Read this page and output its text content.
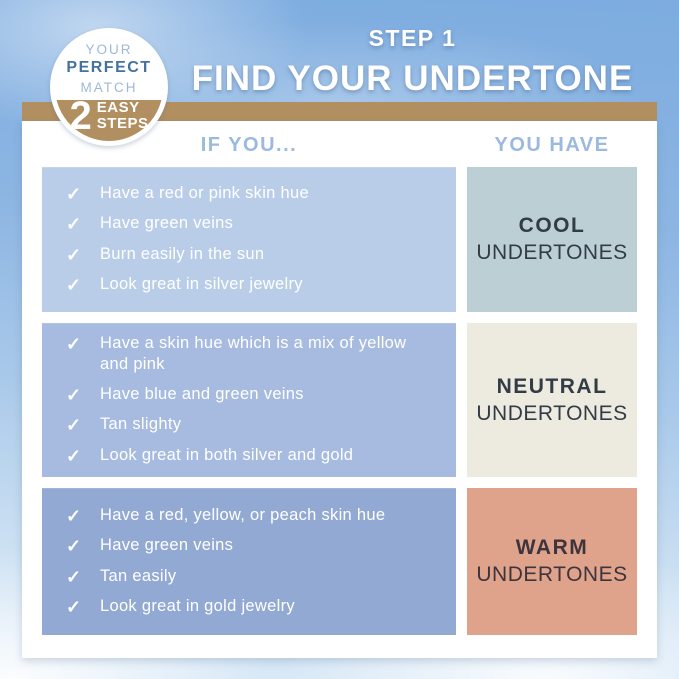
STEP 1
FIND YOUR UNDERTONE
YOUR
PERFECT
MATCH
2 EASY
STEPS
IF YOU...	YOU HAVE
✓ Have a red or pink skin hue
✓ Have green veins
✓ Burn easily in the sun
✓ Look great in silver jewelry
COOL
UNDERTONES
✓ Have a skin hue which is a mix of yellow and pink
✓ Have blue and green veins
✓ Tan slighty
✓ Look great in both silver and gold
NEUTRAL
UNDERTONES
✓ Have a red, yellow, or peach skin hue
✓ Have green veins
✓ Tan easily
✓ Look great in gold jewelry
WARM
UNDERTONES
